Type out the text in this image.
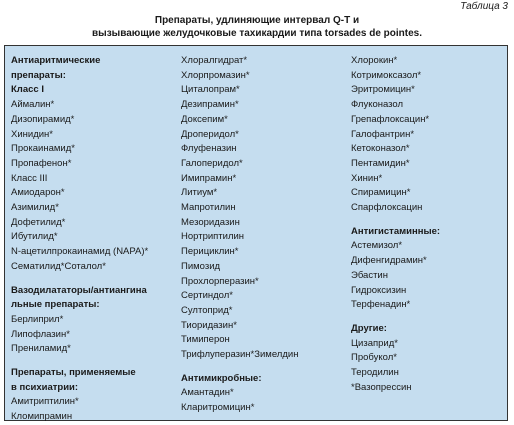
Таблица 3
Препараты, удлиняющие интервал Q-T и
вызывающие желудочковые тахикардии типа torsades de pointes.
Антиаритмические
препараты:
Класс I
Аймалин*
Дизопирамид*
Хинидин*
Прокаинамид*
Пропафенон*
Класс III
Амиодарон*
Азимилид*
Дофетилид*
Ибутилид*
N-ацетилпрокаинамид (NAPA)*
Сематилид*Соталол*
Вазодилататоры/антиангина
льные препараты:
Берлиприл*
Липофлазин*
Прениламид*
Препараты, применяемые
в психиатрии:
Амитриптилин*
Кломипрамин
Хлоралгидрат*
Хлорпромазин*
Циталопрам*
Дезипрамин*
Доксепим*
Дроперидол*
Флуфеназин
Галоперидол*
Имипрамин*
Литиум*
Мапротилин
Мезоридазин
Нортриптилин
Перициклин*
Пимозид
Прохлорперазин*
Сертиндол*
Султоприд*
Тиоридазин*
Тимиперон
Трифлуперазин*Зимелдин
Антимикробные:
Амантадин*
Кларитромицин*
Хлорокин*
Котримоксазол*
Эритромицин*
Флуконазол
Грепафлоксацин*
Галофантрин*
Кетоконазол*
Пентамидин*
Хинин*
Спирамицин*
Спарфлоксацин
Антигистаминные:
Астемизол*
Дифенгидрамин*
Эбастин
Гидроксизин
Терфенадин*
Другие:
Цизаприд*
Пробукол*
Теродилин
*Вазопрессин
